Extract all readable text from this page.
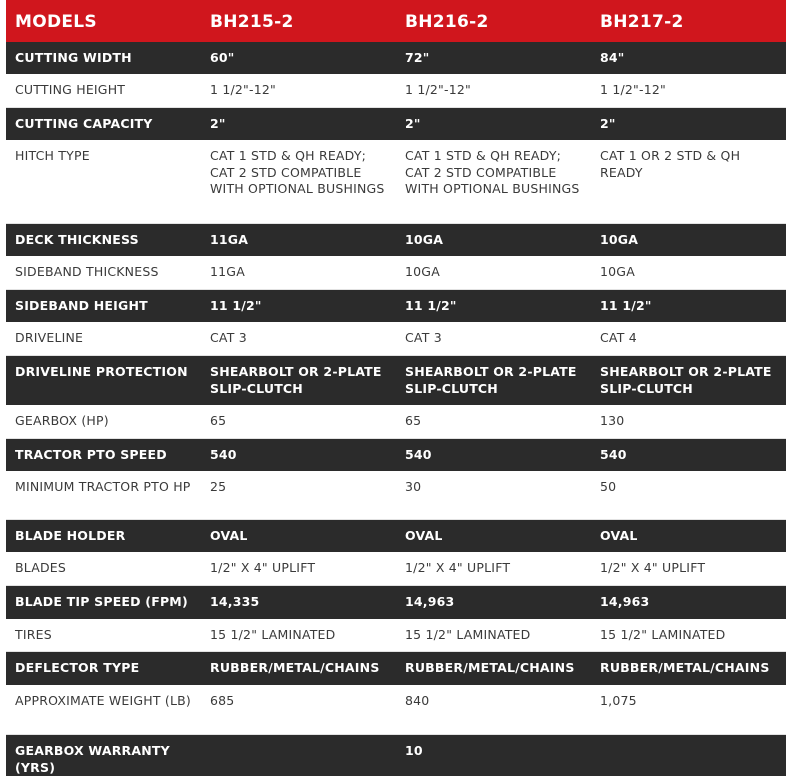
MODELS	BH215-2	BH216-2	BH217-2
CUTTING WIDTH	60"	72"	84"
CUTTING HEIGHT	1 1/2"-12"	1 1/2"-12"	1 1/2"-12"
CUTTING CAPACITY	2"	2"	2"
HITCH TYPE	CAT 1 STD & QH READY; CAT 2 STD COMPATIBLE WITH OPTIONAL BUSHINGS	CAT 1 STD & QH READY; CAT 2 STD COMPATIBLE WITH OPTIONAL BUSHINGS	CAT 1 OR 2 STD & QH READY
DECK THICKNESS	11GA	10GA	10GA
SIDEBAND THICKNESS	11GA	10GA	10GA
SIDEBAND HEIGHT	11 1/2"	11 1/2"	11 1/2"
DRIVELINE	CAT 3	CAT 3	CAT 4
DRIVELINE PROTECTION	SHEARBOLT OR 2-PLATE SLIP-CLUTCH	SHEARBOLT OR 2-PLATE SLIP-CLUTCH	SHEARBOLT OR 2-PLATE SLIP-CLUTCH
GEARBOX (HP)	65	65	130
TRACTOR PTO SPEED	540	540	540
MINIMUM TRACTOR PTO HP	25	30	50
BLADE HOLDER	OVAL	OVAL	OVAL
BLADES	1/2" X 4" UPLIFT	1/2" X 4" UPLIFT	1/2" X 4" UPLIFT
BLADE TIP SPEED (FPM)	14,335	14,963	14,963
TIRES	15 1/2" LAMINATED	15 1/2" LAMINATED	15 1/2" LAMINATED
DEFLECTOR TYPE	RUBBER/METAL/CHAINS	RUBBER/METAL/CHAINS	RUBBER/METAL/CHAINS
APPROXIMATE WEIGHT (LB)	685	840	1,075
GEARBOX WARRANTY (YRS)		10	
